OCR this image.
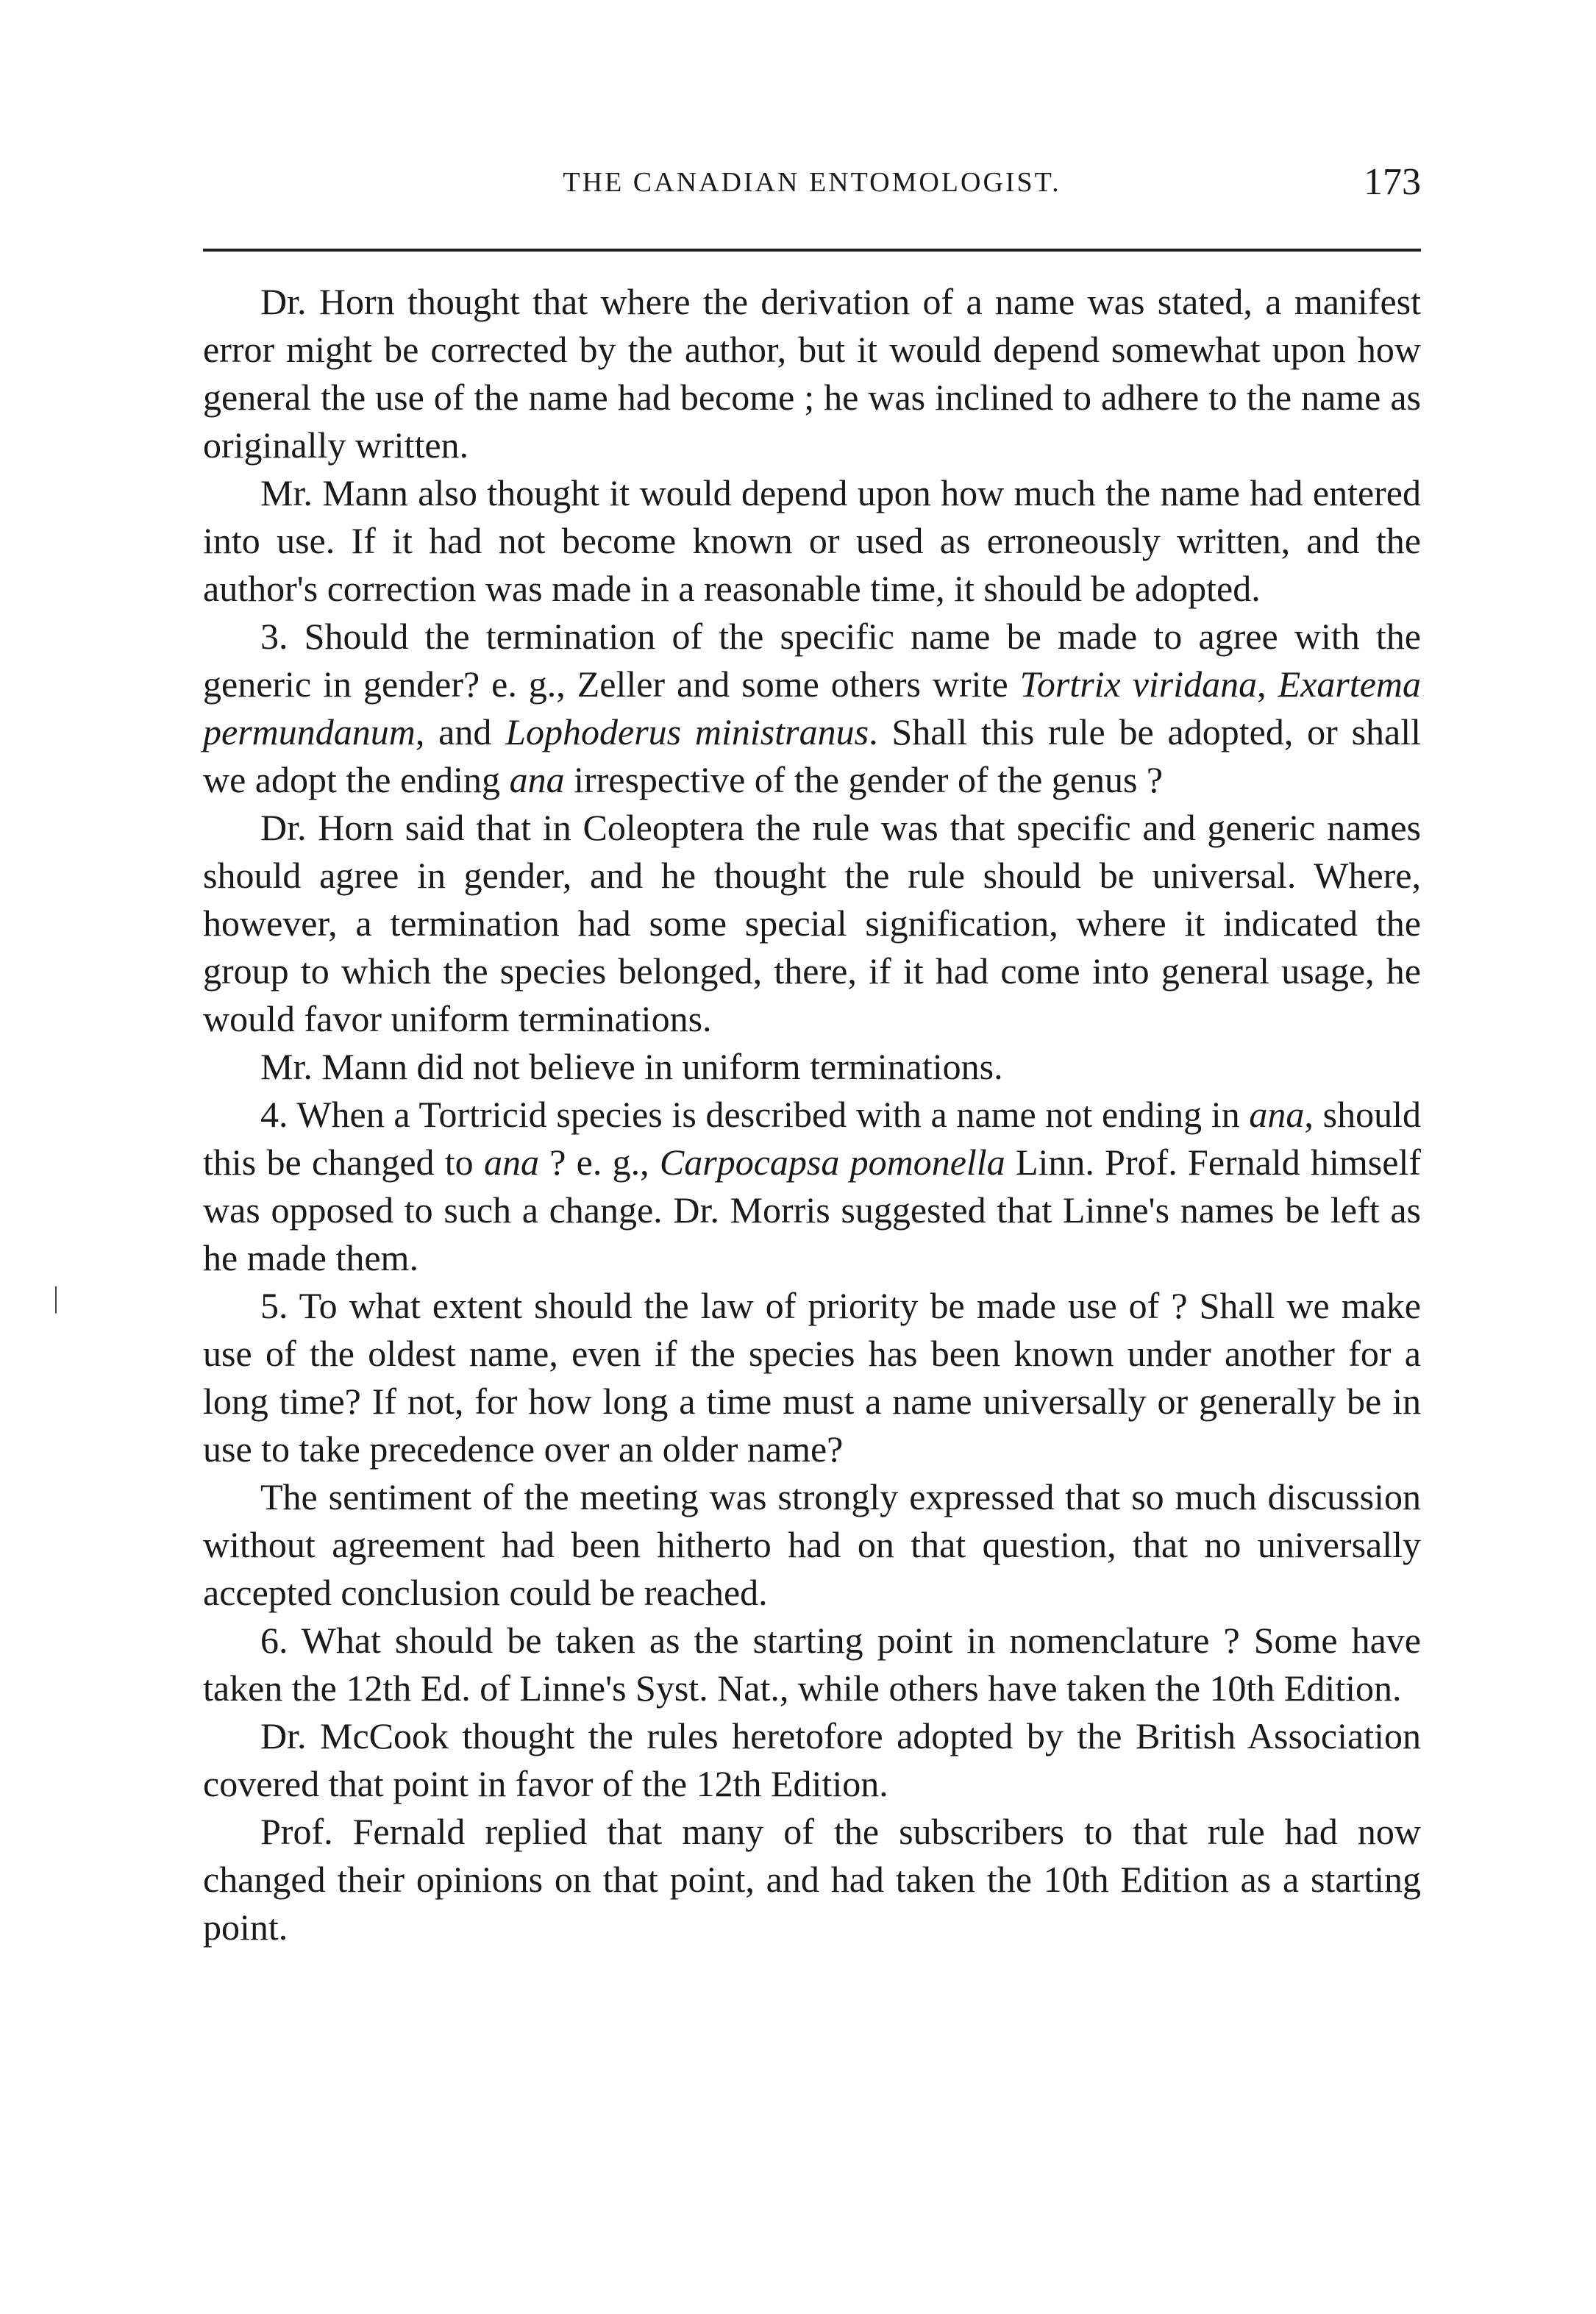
THE CANADIAN ENTOMOLOGIST.	173

Dr. Horn thought that where the derivation of a name was stated, a manifest error might be corrected by the author, but it would depend somewhat upon how general the use of the name had become ; he was inclined to adhere to the name as originally written.

Mr. Mann also thought it would depend upon how much the name had entered into use. If it had not become known or used as erroneously written, and the author's correction was made in a reasonable time, it should be adopted.

3. Should the termination of the specific name be made to agree with the generic in gender? e. g., Zeller and some others write Tortrix viridana, Exartema permundanum, and Lophoderus ministranus. Shall this rule be adopted, or shall we adopt the ending ana irrespective of the gender of the genus ?

Dr. Horn said that in Coleoptera the rule was that specific and generic names should agree in gender, and he thought the rule should be universal. Where, however, a termination had some special signification, where it indicated the group to which the species belonged, there, if it had come into general usage, he would favor uniform terminations.

Mr. Mann did not believe in uniform terminations.

4. When a Tortricid species is described with a name not ending in ana, should this be changed to ana ? e. g., Carpocapsa pomonella Linn. Prof. Fernald himself was opposed to such a change. Dr. Morris suggested that Linne's names be left as he made them.

5. To what extent should the law of priority be made use of ? Shall we make use of the oldest name, even if the species has been known under another for a long time? If not, for how long a time must a name universally or generally be in use to take precedence over an older name?

The sentiment of the meeting was strongly expressed that so much discussion without agreement had been hitherto had on that question, that no universally accepted conclusion could be reached.

6. What should be taken as the starting point in nomenclature ? Some have taken the 12th Ed. of Linne's Syst. Nat., while others have taken the 10th Edition.

Dr. McCook thought the rules heretofore adopted by the British Association covered that point in favor of the 12th Edition.

Prof. Fernald replied that many of the subscribers to that rule had now changed their opinions on that point, and had taken the 10th Edition as a starting point.

|
